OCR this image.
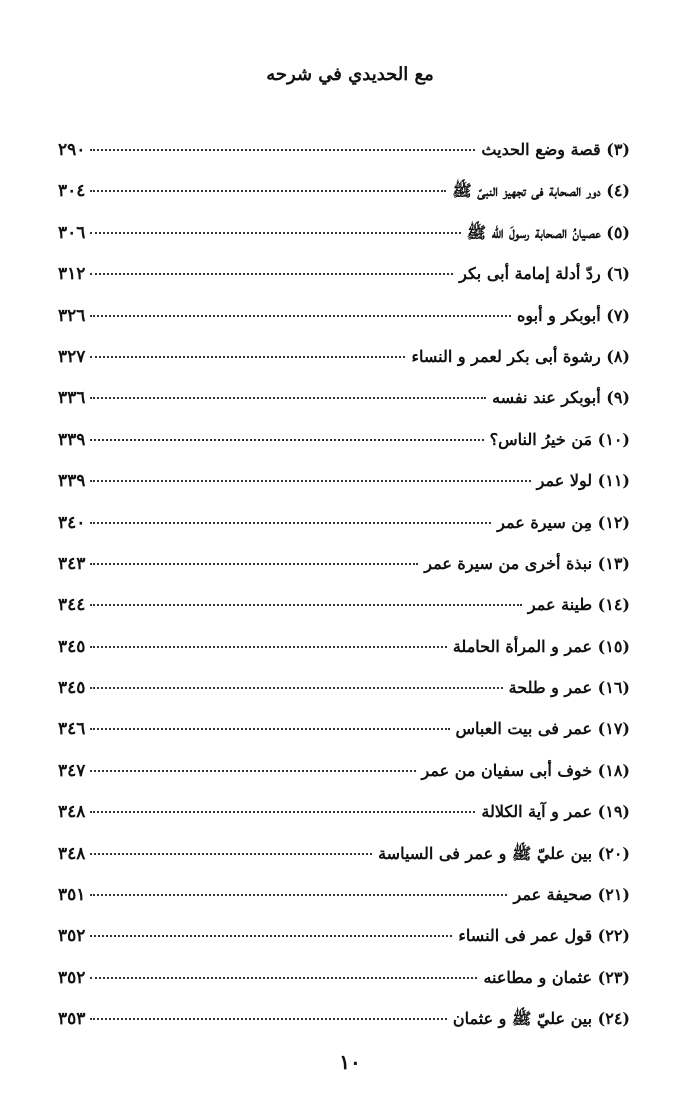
مع الحديدي في شرحه
(٣) قصة وضع الحديث
٢٩٠
(٤) دور الصحابة فى تجهيز النبىّ ﷺ
٣٠٤
(٥) عصيانُ الصحابة رسولَ الله ﷺ
٣٠٦
(٦) ردّ أدلة إمامة أبى بكر
٣١٢
(٧) أبوبكر و أبوه
٣٢٦
(٨) رشوة أبى بكر لعمر و النساء
٣٢٧
(٩) أبوبكر عند نفسه
٣٣٦
(١٠) مَن خيرُ الناس؟
٣٣٩
(١١) لولا عمر
٣٣٩
(١٢) مِن سيرة عمر
٣٤٠
(١٣) نبذة أخرى من سيرة عمر
٣٤٣
(١٤) طينة عمر
٣٤٤
(١٥) عمر و المرأة الحاملة
٣٤٥
(١٦) عمر و طلحة
٣٤٥
(١٧) عمر فى بيت العباس
٣٤٦
(١٨) خوف أبى سفيان من عمر
٣٤٧
(١٩) عمر و آية الكلالة
٣٤٨
(٢٠) بين عليّ ﷺ و عمر فى السياسة
٣٤٨
(٢١) صحيفة عمر
٣٥١
(٢٢) قول عمر فى النساء
٣٥٢
(٢٣) عثمان و مطاعنه
٣٥٢
(٢٤) بين عليّ ﷺ و عثمان
٣٥٣
١٠
